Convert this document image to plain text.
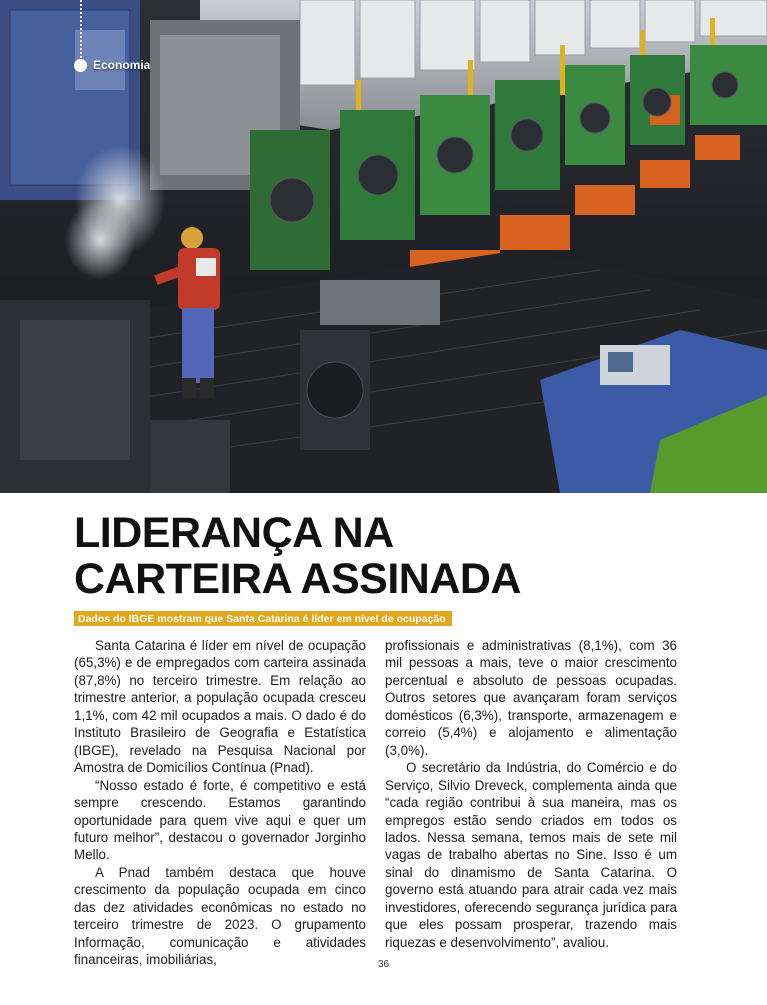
Economia
LIDERANÇA NA
CARTEIRA ASSINADA
Dados do IBGE mostram que Santa Catarina é líder em nível de ocupação

Santa Catarina é líder em nível de ocupação (65,3%) e de empregados com carteira assinada (87,8%) no terceiro trimestre. Em relação ao trimestre anterior, a população ocupada cresceu 1,1%, com 42 mil ocupados a mais. O dado é do Instituto Brasileiro de Geografia e Estatística (IBGE), revelado na Pesquisa Nacional por Amostra de Domicílios Contínua (Pnad).

“Nosso estado é forte, é competitivo e está sempre crescendo. Estamos garantindo oportunidade para quem vive aqui e quer um futuro melhor”, destacou o governador Jorginho Mello.

A Pnad também destaca que houve crescimento da população ocupada em cinco das dez atividades econômicas no estado no terceiro trimestre de 2023. O grupamento Informação, comunicação e atividades financeiras, imobiliárias,

profissionais e administrativas (8,1%), com 36 mil pessoas a mais, teve o maior crescimento percentual e absoluto de pessoas ocupadas. Outros setores que avançaram foram serviços domésticos (6,3%), transporte, armazenagem e correio (5,4%) e alojamento e alimentação (3,0%).

O secretário da Indústria, do Comércio e do Serviço, Silvio Dreveck, complementa ainda que “cada região contribui à sua maneira, mas os empregos estão sendo criados em todos os lados. Nessa semana, temos mais de sete mil vagas de trabalho abertas no Sine. Isso é um sinal do dinamismo de Santa Catarina. O governo está atuando para atrair cada vez mais investidores, oferecendo segurança jurídica para que eles possam prosperar, trazendo mais riquezas e desenvolvimento”, avaliou.

36
